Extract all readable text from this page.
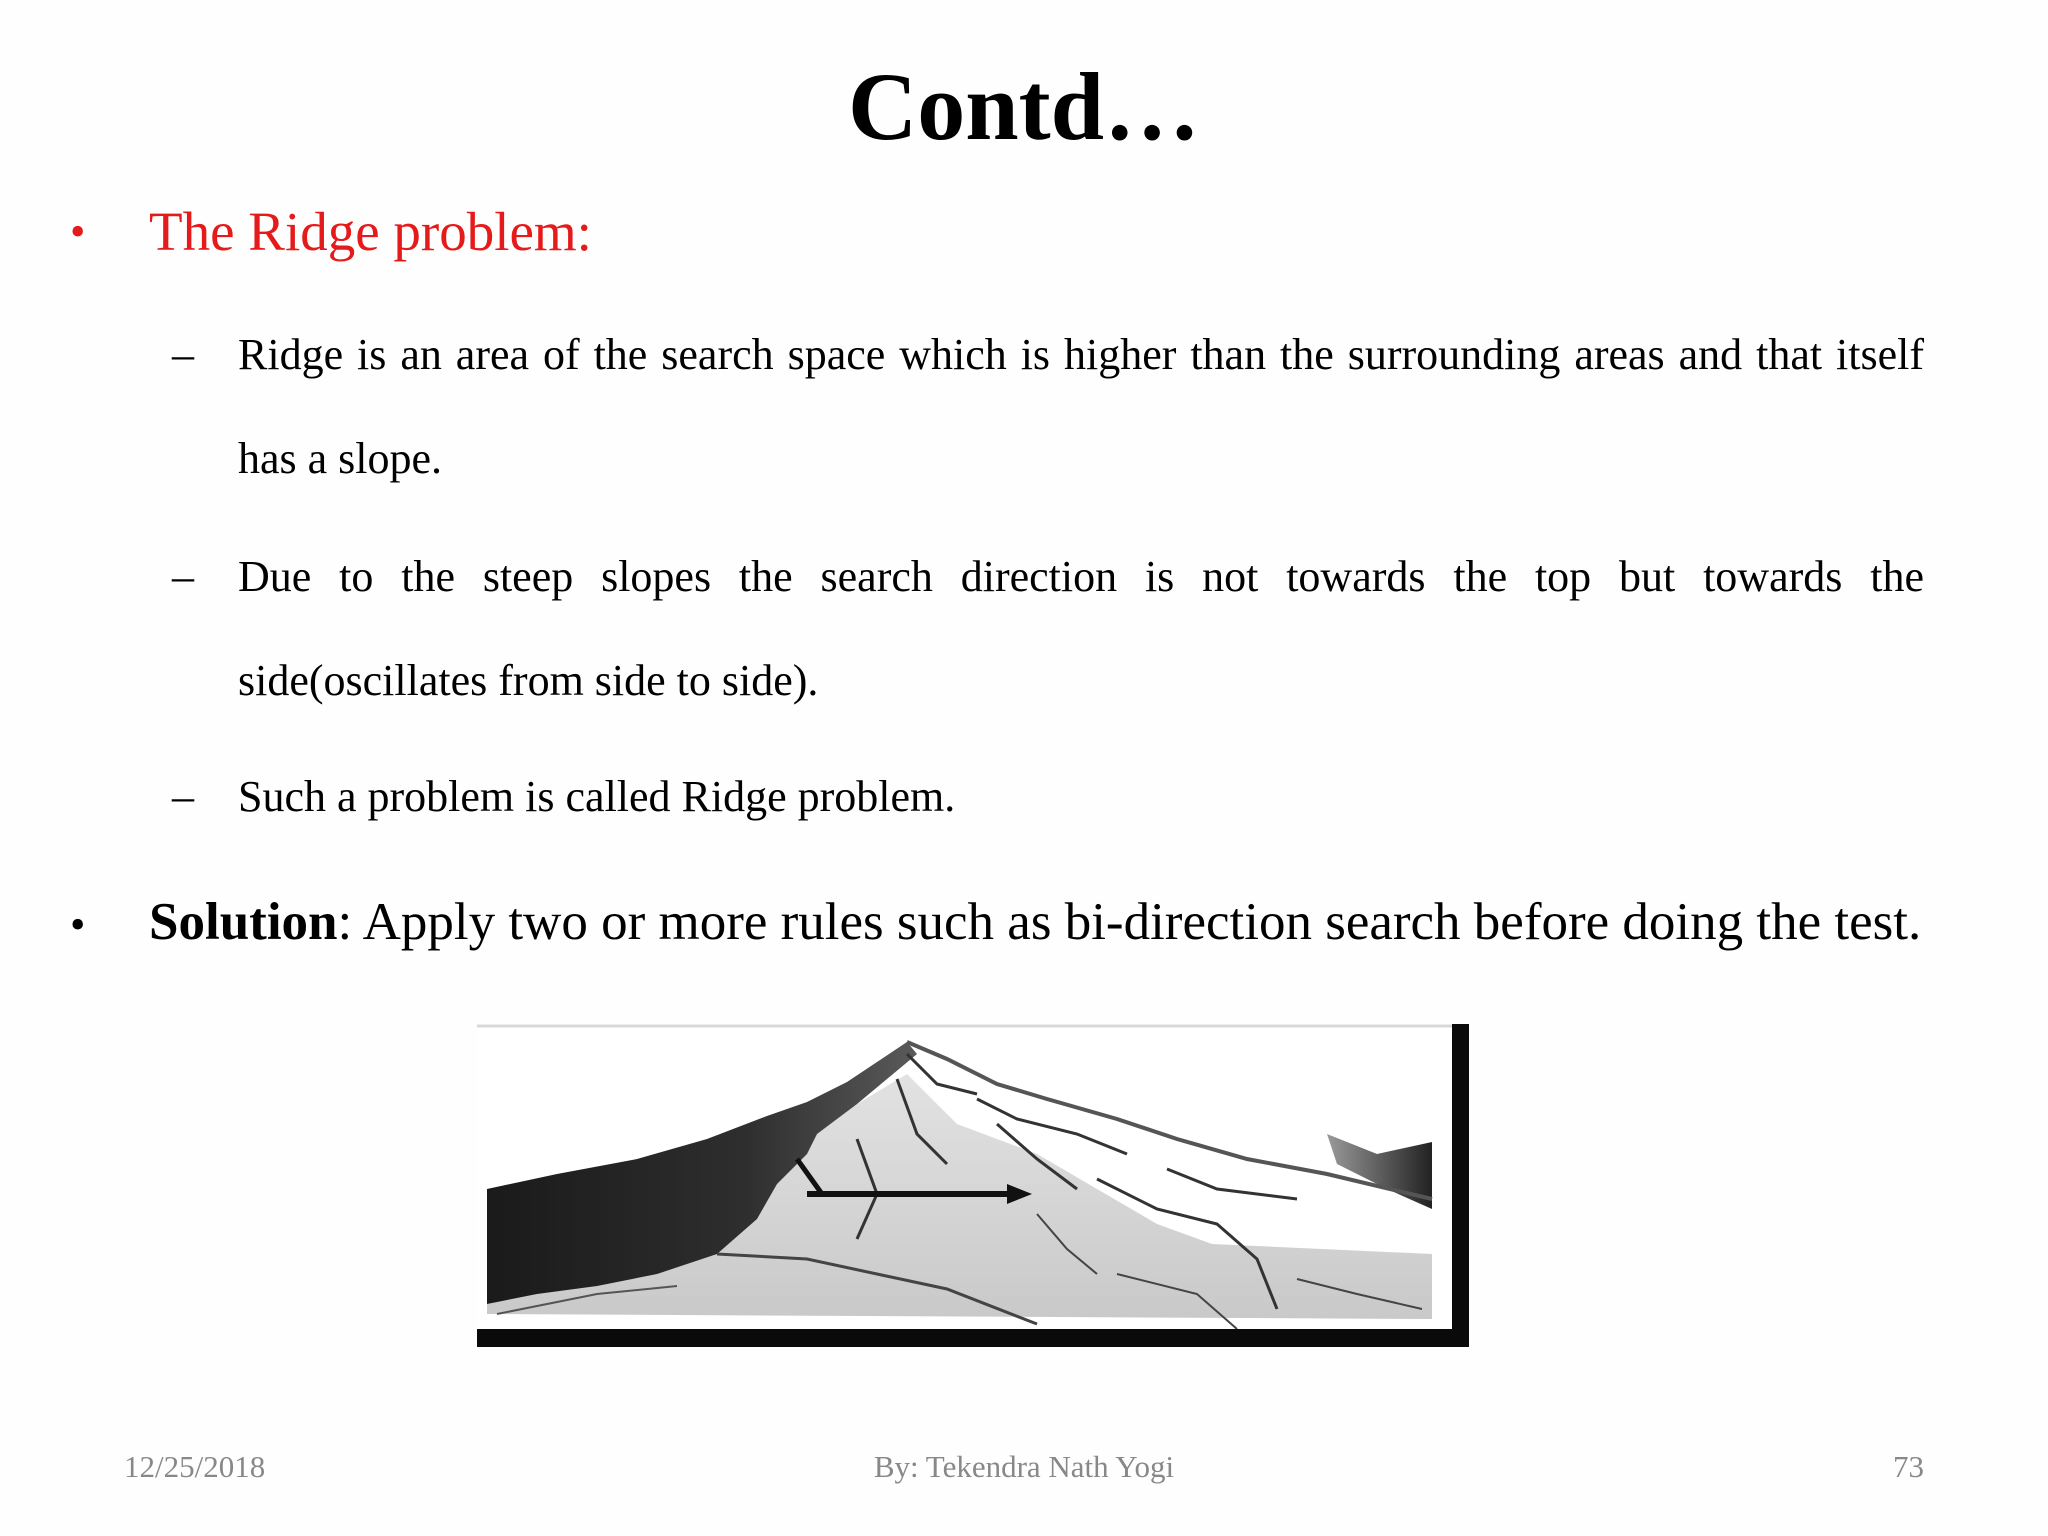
Contd…
• The Ridge problem:
– Ridge is an area of the search space which is higher than the surrounding areas and that itself has a slope.
– Due to the steep slopes the search direction is not towards the top but towards the side(oscillates from side to side).
– Such a problem is called Ridge problem.
• Solution: Apply two or more rules such as bi-direction search before doing the test.
12/25/2018	By: Tekendra Nath Yogi	73
